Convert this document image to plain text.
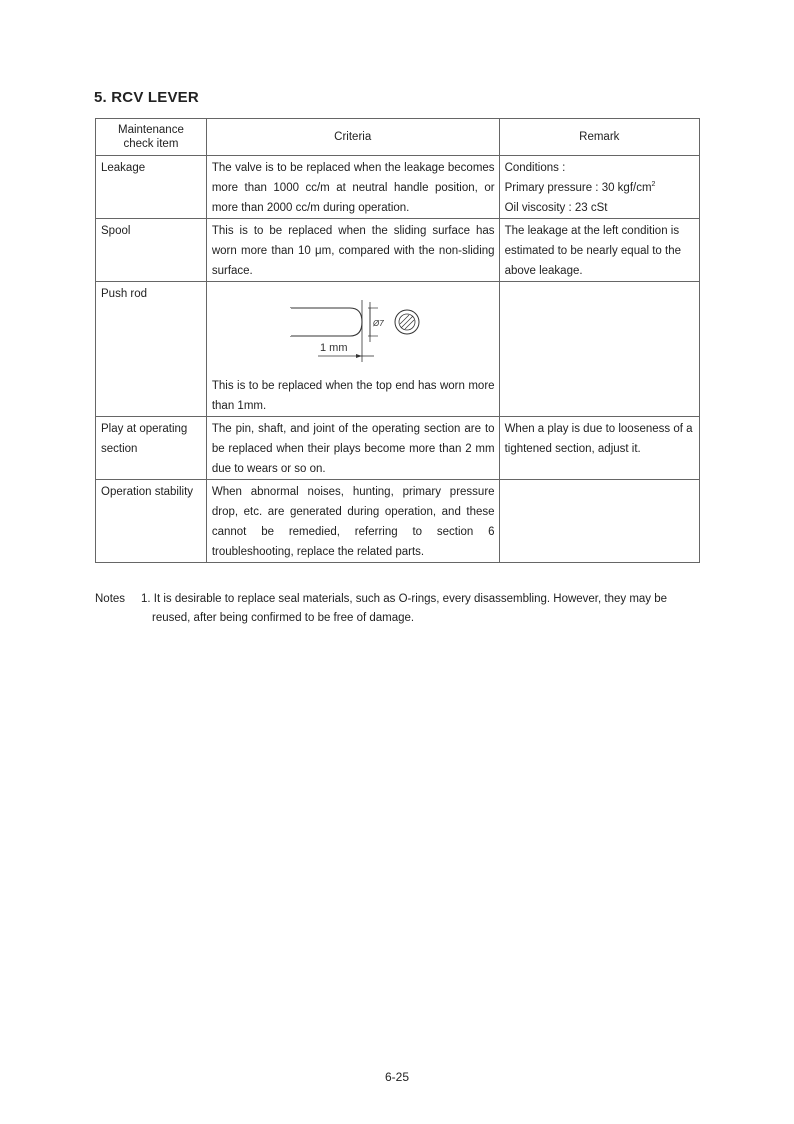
5. RCV LEVER
Maintenance
check item	Criteria	Remark
Leakage	The valve is to be replaced when the leakage becomes more than 1000 cc/m at neutral handle position, or more than 2000 cc/m during operation.	Conditions :
Primary pressure : 30 kgf/$cm^2$
Oil viscosity : 23 cSt

Spool	This is to be replaced when the sliding surface has worn more than 10 μm, compared with the non-sliding surface.	The leakage at the left condition is estimated to be nearly equal to the above leakage.
Push rod	Ø7
1 mm
This is to be replaced when the top end has worn more than 1mm.	

Play at operating section	The pin, shaft, and joint of the operating section are to be replaced when their plays become more than 2 mm due to wears or so on.	When a play is due to looseness of a tightened section, adjust it.
Operation stability	When abnormal noises, hunting, primary pressure drop, etc. are generated during operation, and these cannot be remedied, referring to section 6 troubleshooting, replace the related parts.	
Notes 1. It is desirable to replace seal materials, such as O-rings, every disassembling. However, they may be
reused, after being confirmed to be free of damage.
6-25
